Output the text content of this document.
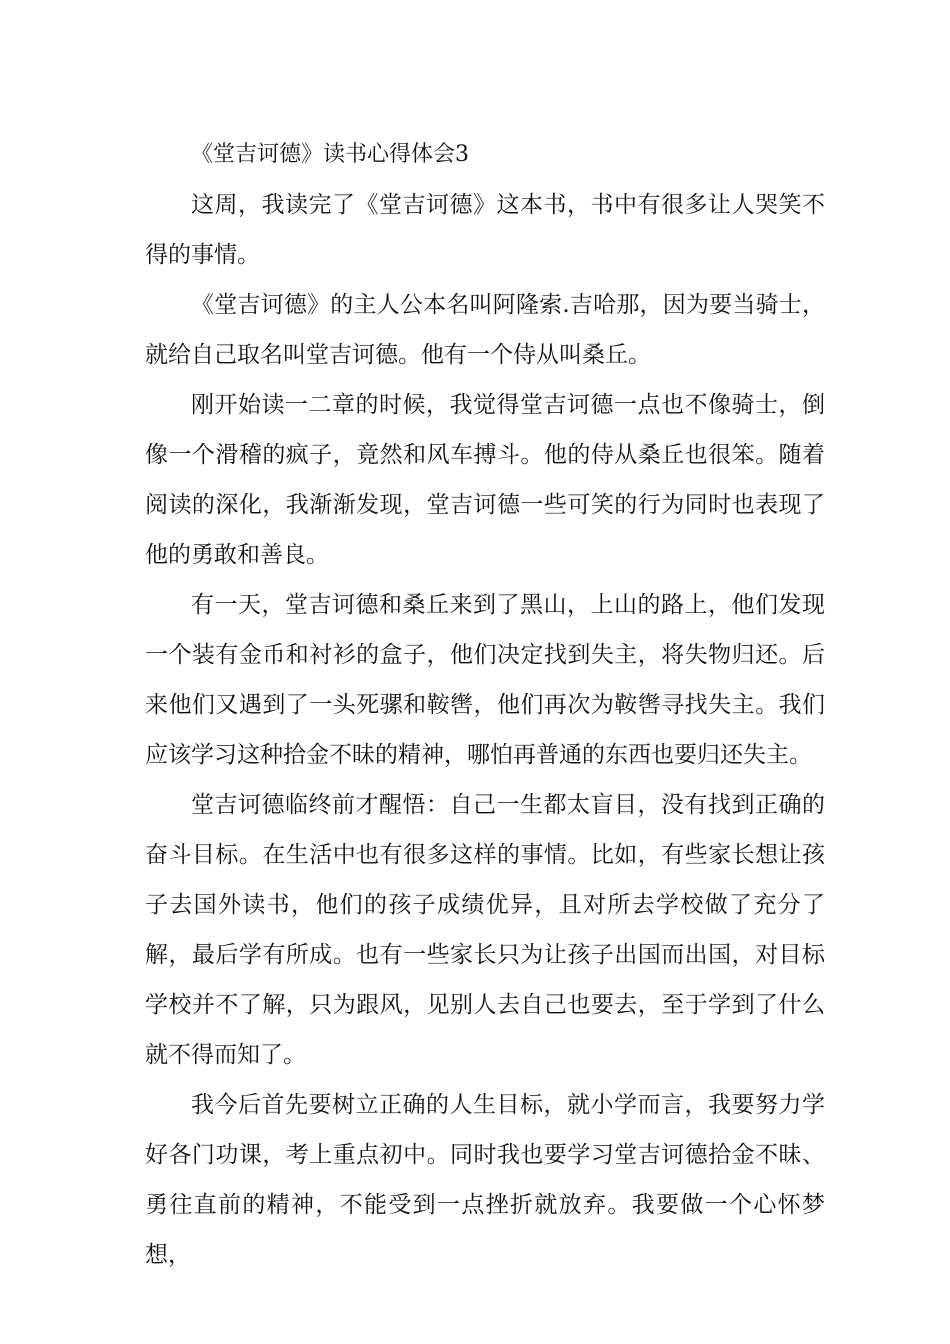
《堂吉诃德》读书心得体会3

这周，我读完了《堂吉诃德》这本书，书中有很多让人哭笑不得的事情。

《堂吉诃德》的主人公本名叫阿隆索.吉哈那，因为要当骑士，就给自己取名叫堂吉诃德。他有一个侍从叫桑丘。

刚开始读一二章的时候，我觉得堂吉诃德一点也不像骑士，倒像一个滑稽的疯子，竟然和风车搏斗。他的侍从桑丘也很笨。随着阅读的深化，我渐渐发现，堂吉诃德一些可笑的行为同时也表现了他的勇敢和善良。

有一天，堂吉诃德和桑丘来到了黑山，上山的路上，他们发现一个装有金币和衬衫的盒子，他们决定找到失主，将失物归还。后来他们又遇到了一头死骡和鞍辔，他们再次为鞍辔寻找失主。我们应该学习这种拾金不昧的精神，哪怕再普通的东西也要归还失主。

堂吉诃德临终前才醒悟：自己一生都太盲目，没有找到正确的奋斗目标。在生活中也有很多这样的事情。比如，有些家长想让孩子去国外读书，他们的孩子成绩优异，且对所去学校做了充分了解，最后学有所成。也有一些家长只为让孩子出国而出国，对目标学校并不了解，只为跟风，见别人去自己也要去，至于学到了什么就不得而知了。

我今后首先要树立正确的人生目标，就小学而言，我要努力学好各门功课，考上重点初中。同时我也要学习堂吉诃德拾金不昧、勇往直前的精神，不能受到一点挫折就放弃。我要做一个心怀梦想，
